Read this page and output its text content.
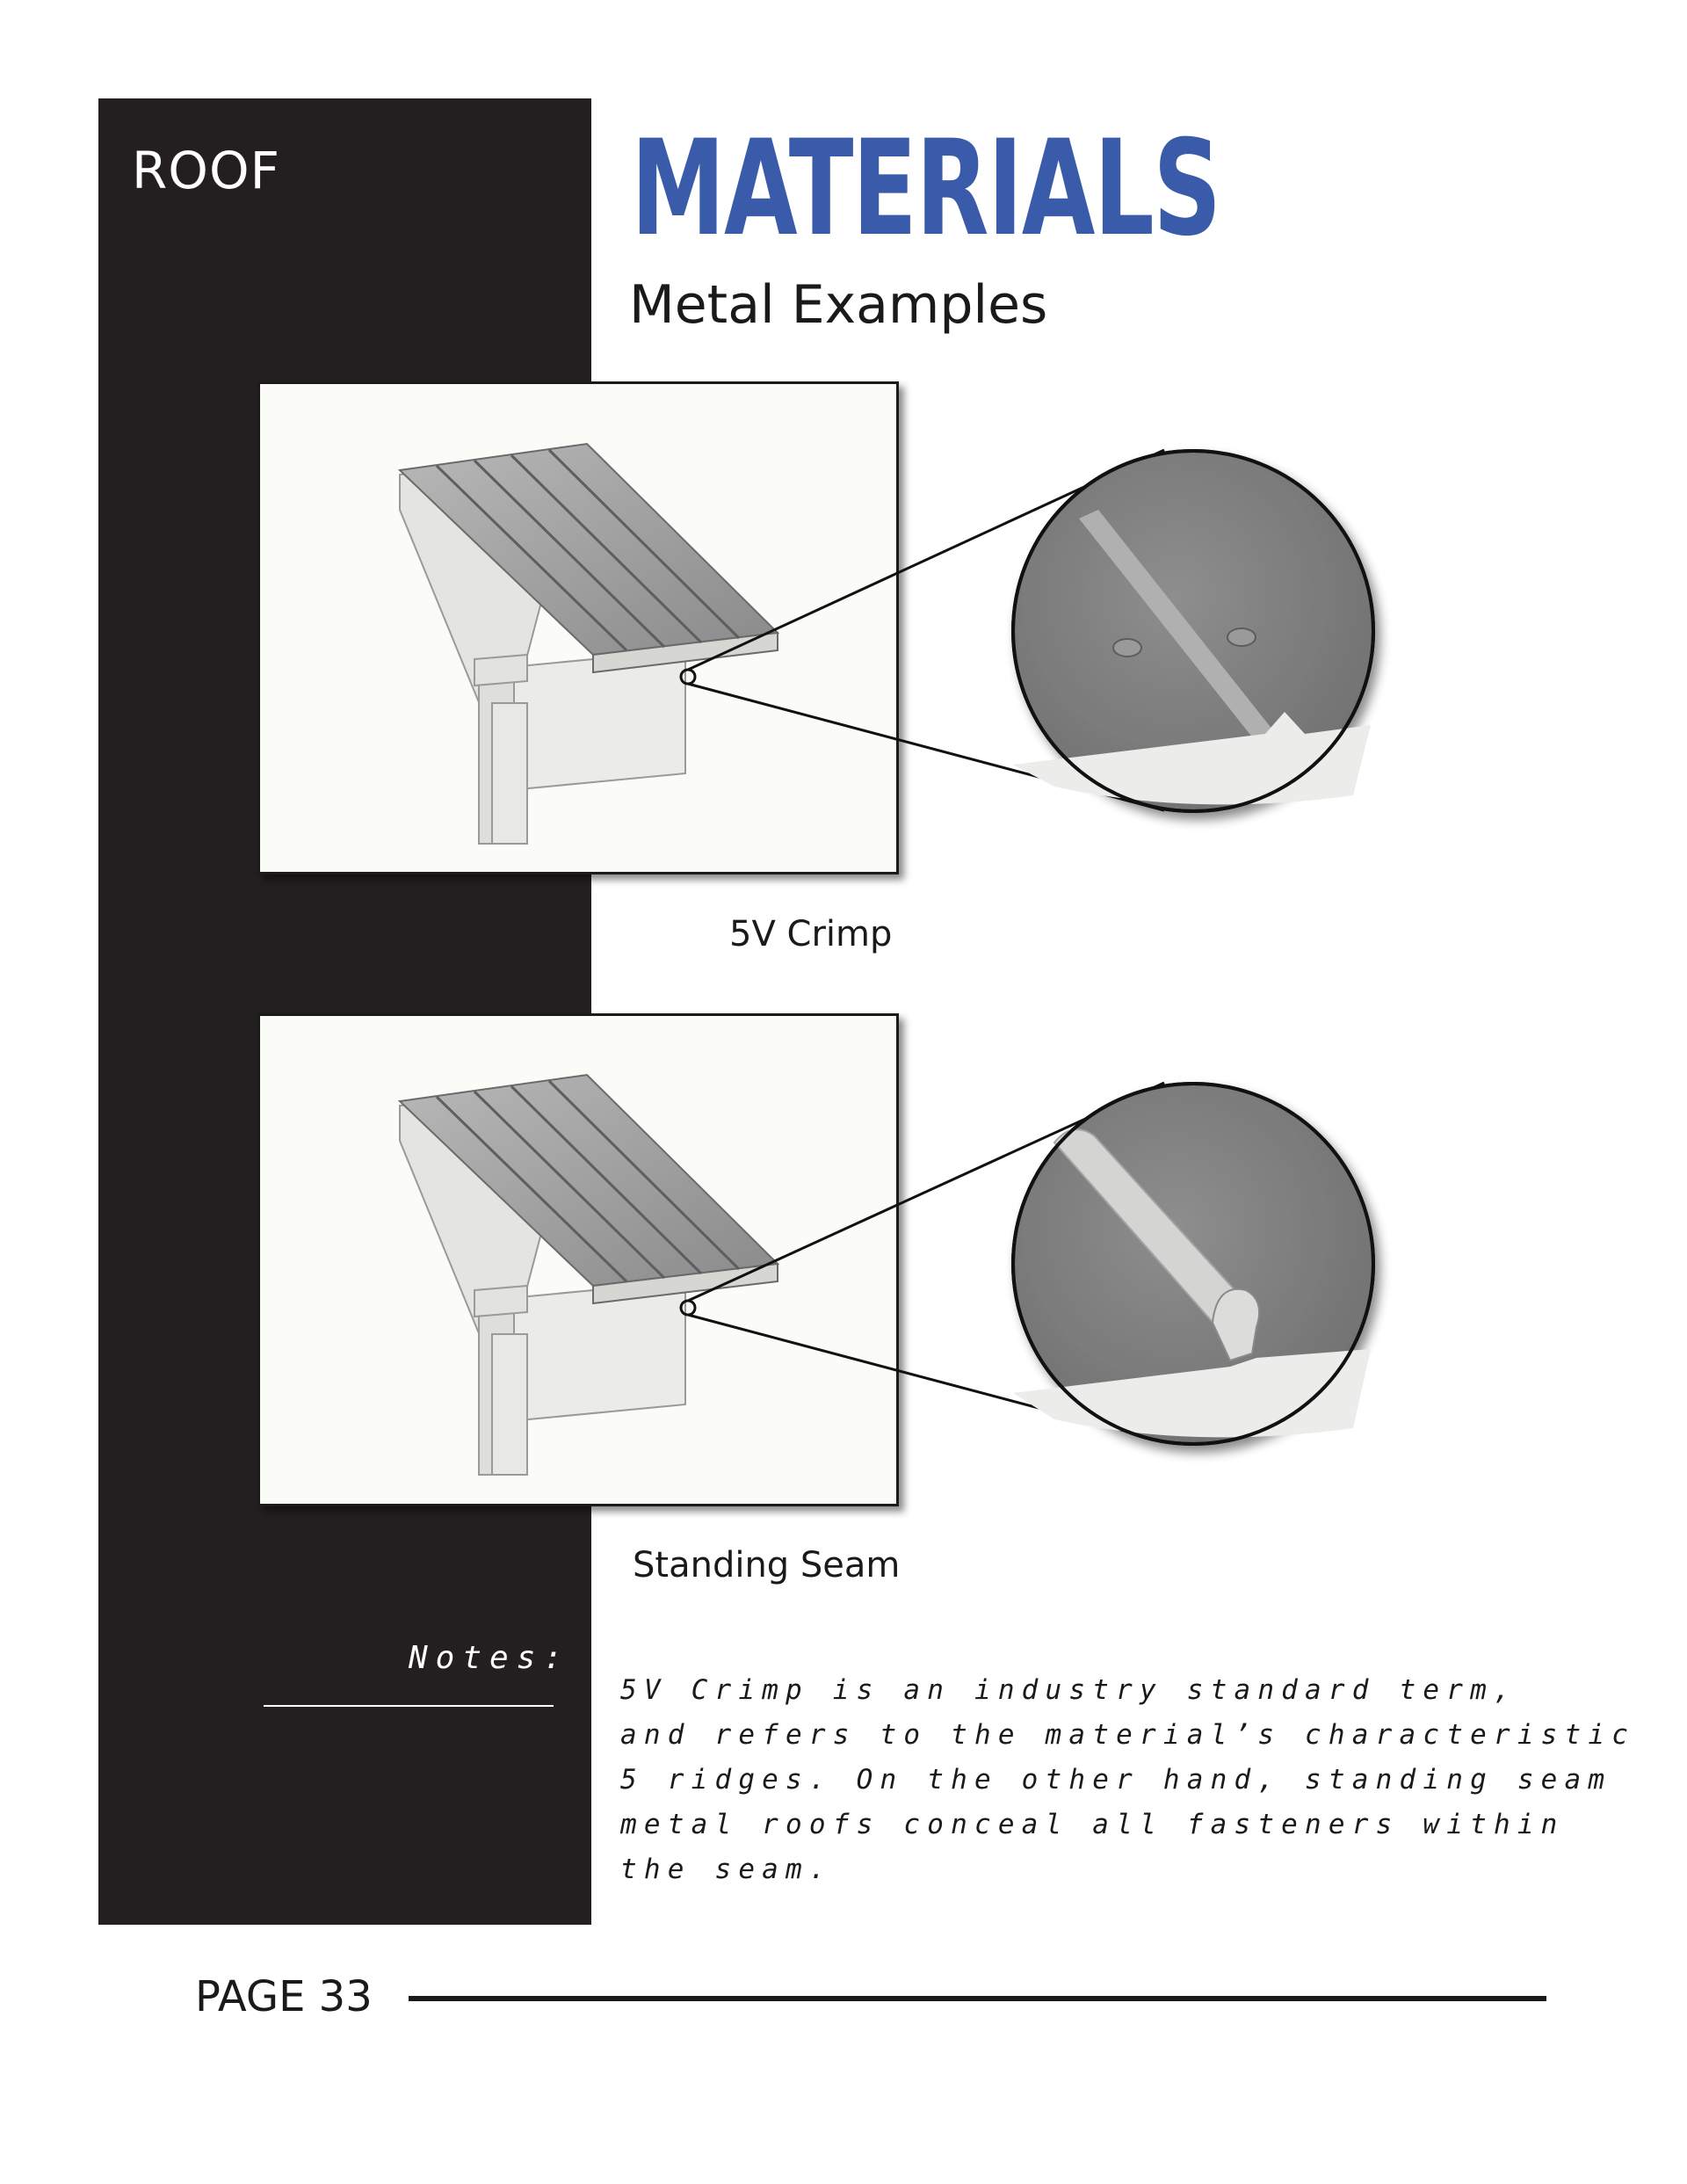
ROOF	MATERIALS
Metal Examples
5V Crimp
Standing Seam
Notes:
5V Crimp is an industry standard term,
and refers to the material’s characteristic
5 ridges. On the other hand, standing seam
metal roofs conceal all fasteners within
the seam.
PAGE 33
